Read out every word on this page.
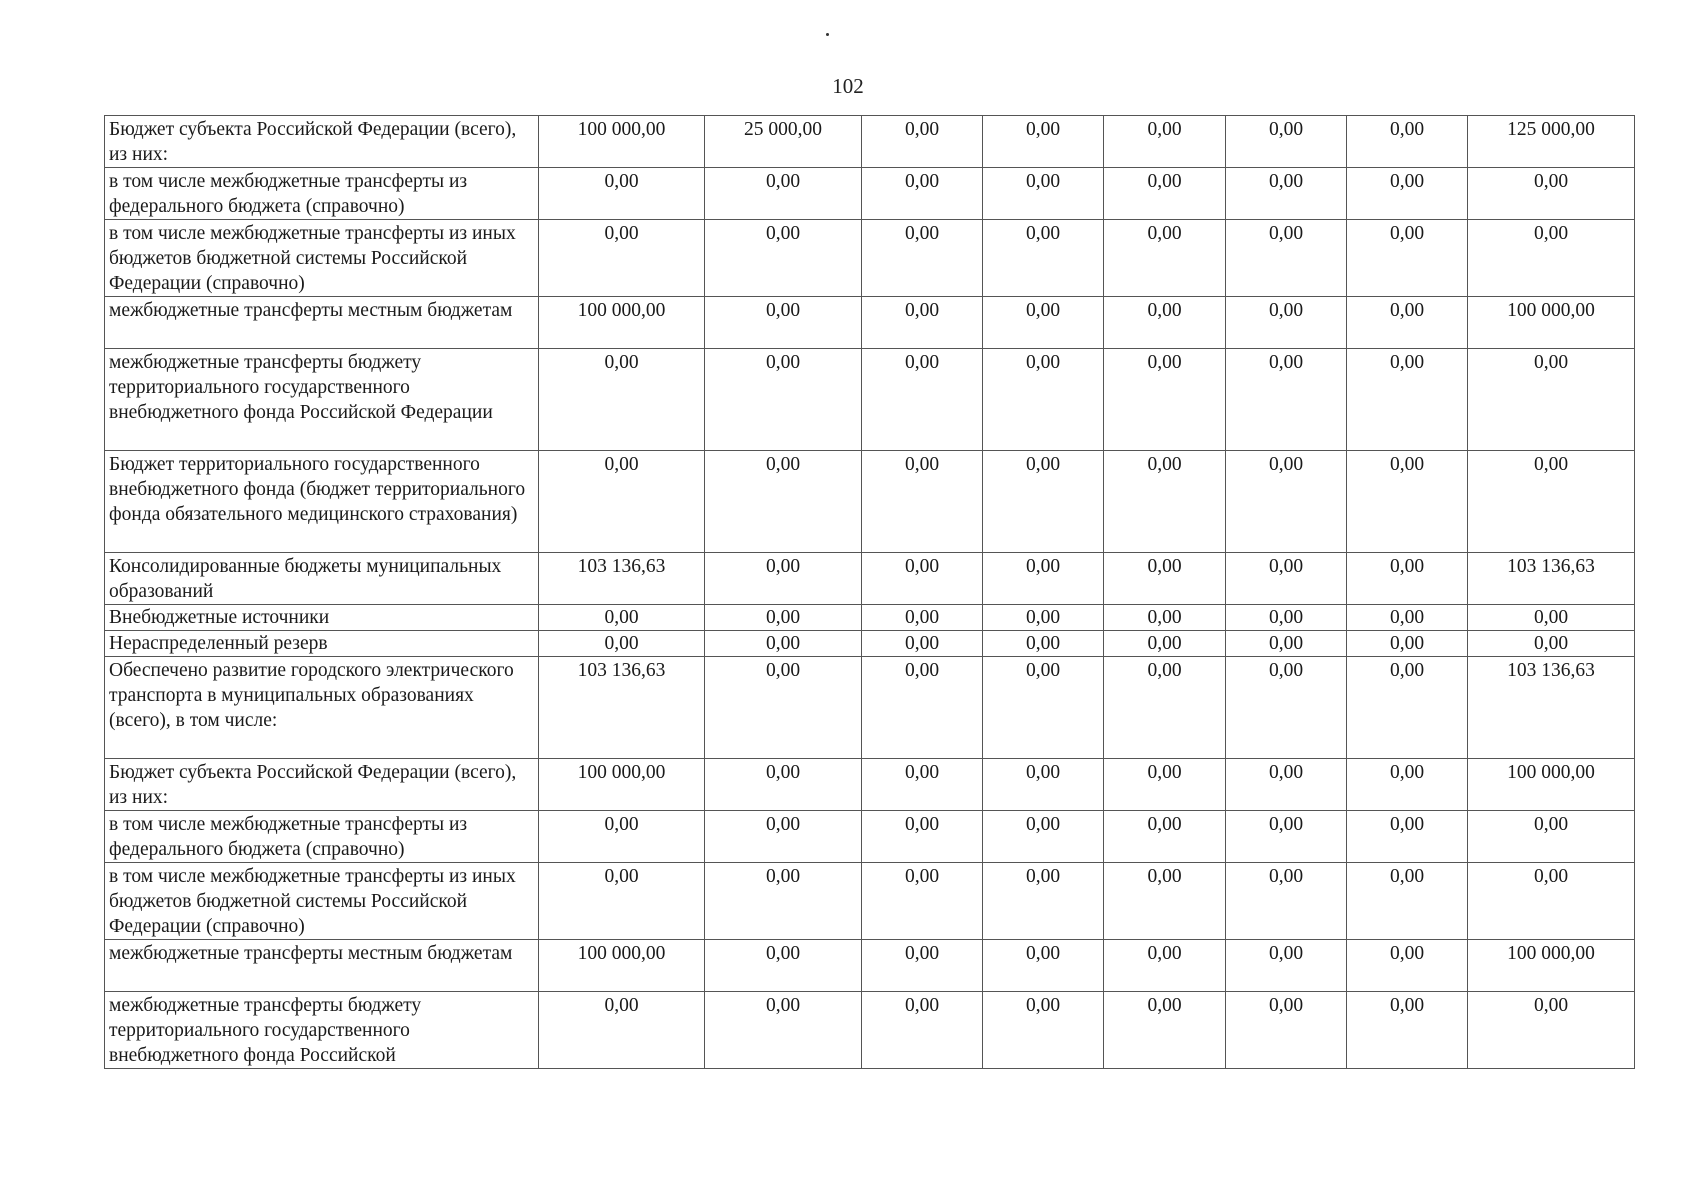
102
Бюджет субъекта Российской Федерации (всего), из них:	100 000,00	25 000,00	0,00	0,00	0,00	0,00	0,00	125 000,00
в том числе межбюджетные трансферты из федерального бюджета (справочно)	0,00	0,00	0,00	0,00	0,00	0,00	0,00	0,00
в том числе межбюджетные трансферты из иных бюджетов бюджетной системы Российской Федерации (справочно)	0,00	0,00	0,00	0,00	0,00	0,00	0,00	0,00
межбюджетные трансферты местным бюджетам	100 000,00	0,00	0,00	0,00	0,00	0,00	0,00	100 000,00
межбюджетные трансферты бюджету территориального государственного внебюджетного фонда Российской Федерации	0,00	0,00	0,00	0,00	0,00	0,00	0,00	0,00
Бюджет территориального государственного внебюджетного фонда (бюджет территориального фонда обязательного медицинского страхования)	0,00	0,00	0,00	0,00	0,00	0,00	0,00	0,00
Консолидированные бюджеты муниципальных образований	103 136,63	0,00	0,00	0,00	0,00	0,00	0,00	103 136,63
Внебюджетные источники	0,00	0,00	0,00	0,00	0,00	0,00	0,00	0,00
Нераспределенный резерв	0,00	0,00	0,00	0,00	0,00	0,00	0,00	0,00
Обеспечено развитие городского электрического транспорта в муниципальных образованиях (всего), в том числе:	103 136,63	0,00	0,00	0,00	0,00	0,00	0,00	103 136,63
Бюджет субъекта Российской Федерации (всего), из них:	100 000,00	0,00	0,00	0,00	0,00	0,00	0,00	100 000,00
в том числе межбюджетные трансферты из федерального бюджета (справочно)	0,00	0,00	0,00	0,00	0,00	0,00	0,00	0,00
в том числе межбюджетные трансферты из иных бюджетов бюджетной системы Российской Федерации (справочно)	0,00	0,00	0,00	0,00	0,00	0,00	0,00	0,00
межбюджетные трансферты местным бюджетам	100 000,00	0,00	0,00	0,00	0,00	0,00	0,00	100 000,00
межбюджетные трансферты бюджету территориального государственного внебюджетного фонда Российской	0,00	0,00	0,00	0,00	0,00	0,00	0,00	0,00
